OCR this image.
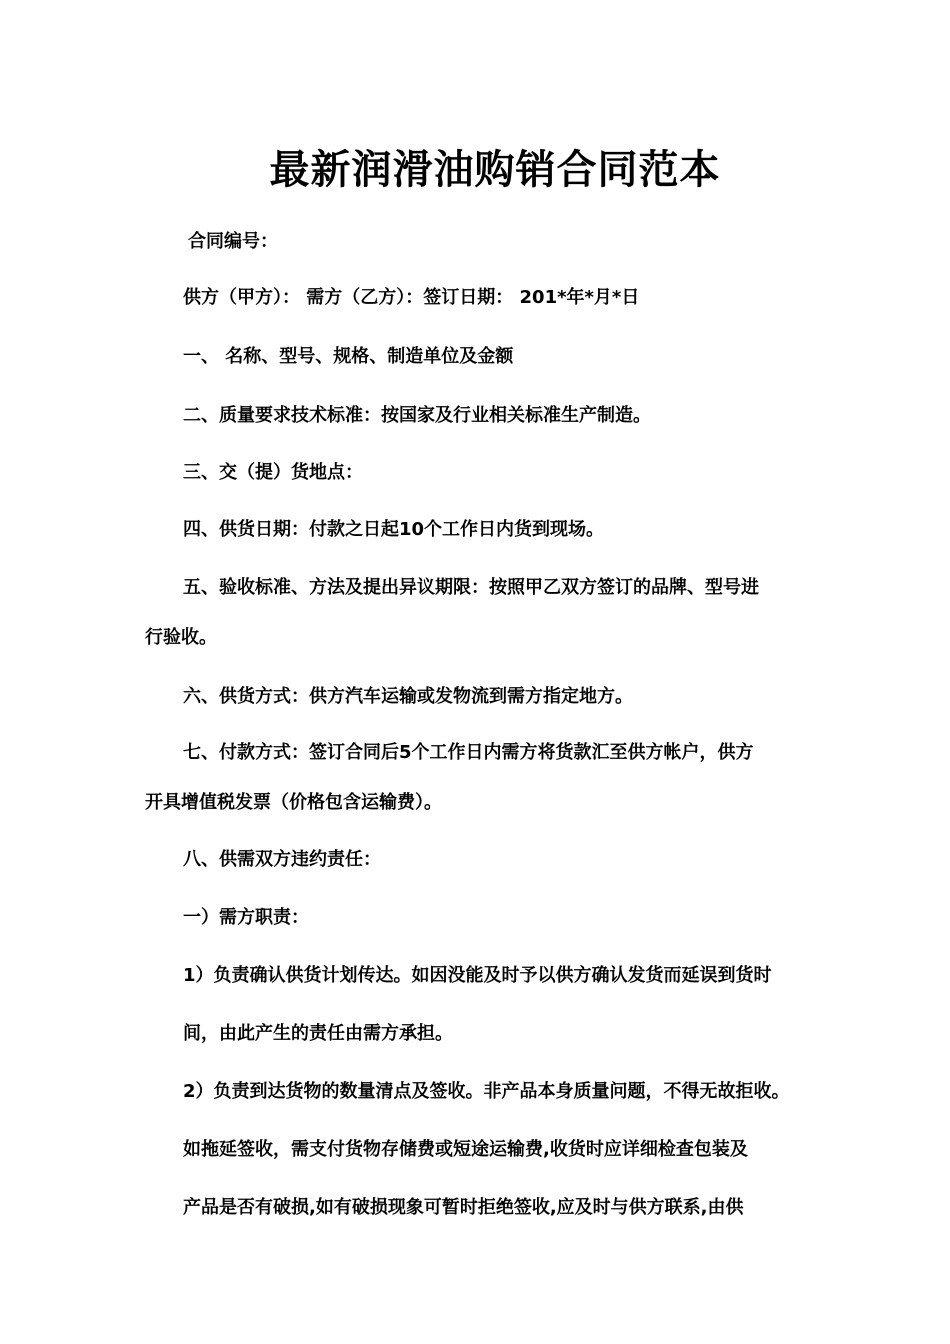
最新润滑油购销合同范本
合同编号：
供方（甲方）： 需方（乙方）：签订日期： 201*年*月*日
一、 名称、型号、规格、制造单位及金额
二、质量要求技术标准：按国家及行业相关标准生产制造。
三、交（提）货地点：
四、供货日期：付款之日起10个工作日内货到现场。
五、验收标准、方法及提出异议期限：按照甲乙双方签订的品牌、型号进
行验收。
六、供货方式：供方汽车运输或发物流到需方指定地方。
七、付款方式：签订合同后5个工作日内需方将货款汇至供方帐户，供方
开具增值税发票（价格包含运输费）。
八、供需双方违约责任：
一）需方职责：
1）负责确认供货计划传达。如因没能及时予以供方确认发货而延误到货时
间，由此产生的责任由需方承担。
2）负责到达货物的数量清点及签收。非产品本身质量问题，不得无故拒收。
如拖延签收，需支付货物存储费或短途运输费,收货时应详细检查包装及
产品是否有破损,如有破损现象可暂时拒绝签收,应及时与供方联系,由供
